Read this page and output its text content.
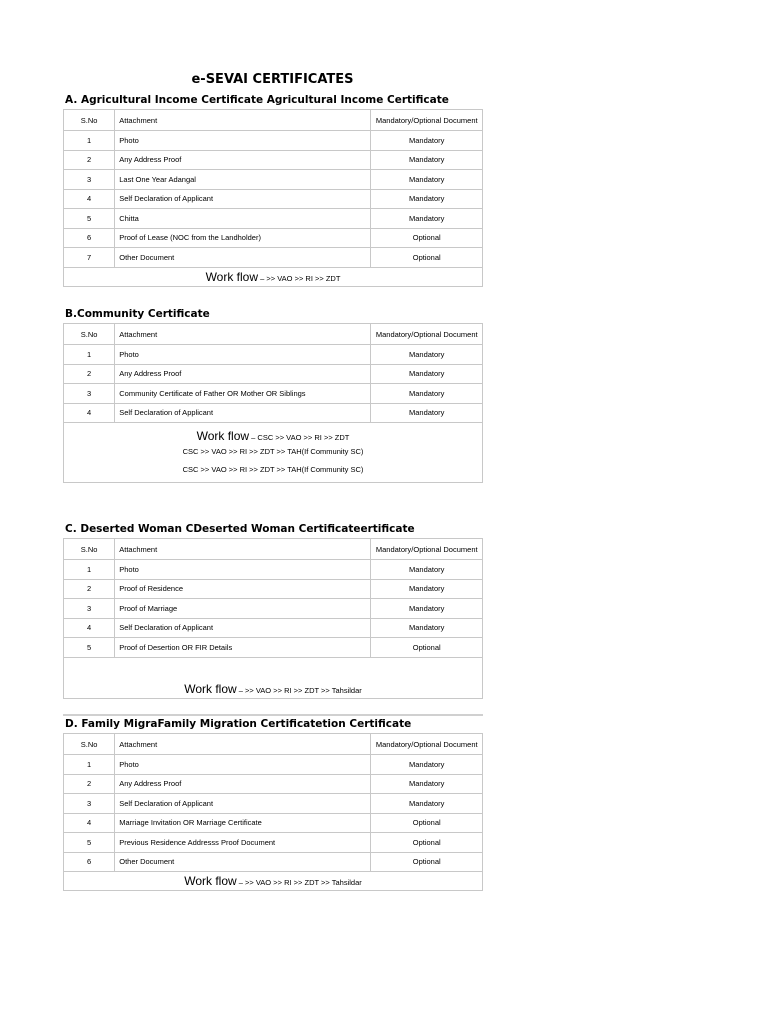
e-SEVAI CERTIFICATES
A. Agricultural Income Certificate Agricultural Income Certificate
S.No	Attachment	Mandatory/Optional Document
1	Photo	Mandatory
2	Any Address Proof	Mandatory
3	Last One Year Adangal	Mandatory
4	Self Declaration of Applicant	Mandatory
5	Chitta	Mandatory
6	Proof of Lease (NOC from the Landholder)	Optional
7	Other Document	Optional
Work flow – >> VAO >> RI >> ZDT		
B.Community Certificate
S.No	Attachment	Mandatory/Optional Document
1	Photo	Mandatory
2	Any Address Proof	Mandatory
3	Community Certificate of Father OR Mother OR Siblings	Mandatory
4	Self Declaration of Applicant	Mandatory

Work flow – CSC >> VAO >> RI >> ZDT
CSC >> VAO >> RI >> ZDT >> TAH(If Community SC)
CSC >> VAO >> RI >> ZDT >> TAH(If Community SC)		
C. Deserted Woman CDeserted Woman Certificateertificate
S.No	Attachment	Mandatory/Optional Document
1	Photo	Mandatory
2	Proof of Residence	Mandatory
3	Proof of Marriage	Mandatory
4	Self Declaration of Applicant	Mandatory
5	Proof of Desertion OR FIR Details	Optional
Work flow – >> VAO >> RI >> ZDT >> Tahsildar		
D. Family MigraFamily Migration Certificatetion Certificate
S.No	Attachment	Mandatory/Optional Document
1	Photo	Mandatory
2	Any Address Proof	Mandatory
3	Self Declaration of Applicant	Mandatory
4	Marriage Invitation OR Marriage Certificate	Optional
5	Previous Residence Addresss Proof Document	Optional
6	Other Document	Optional
Work flow – >> VAO >> RI >> ZDT >> Tahsildar		
